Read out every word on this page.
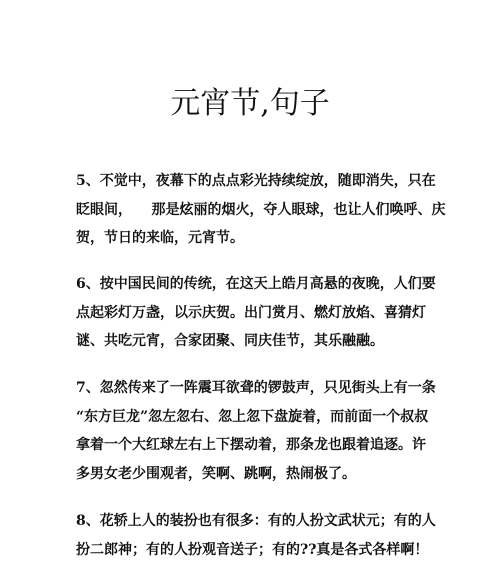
元宵节,句子

5、不觉中，夜幕下的点点彩光持续绽放，随即消失，只在
眨眼间，    那是炫丽的烟火，夺人眼球，也让人们唤呼、庆
贺，节日的来临，元宵节。

6、按中国民间的传统，在这天上皓月高悬的夜晚，人们要
点起彩灯万盏，以示庆贺。出门赏月、燃灯放焰、喜猜灯
谜、共吃元宵，合家团聚、同庆佳节，其乐融融。

7、忽然传来了一阵震耳欲聋的锣鼓声，只见街头上有一条
“东方巨龙”忽左忽右、忽上忽下盘旋着，而前面一个叔叔
拿着一个大红球左右上下摆动着，那条龙也跟着追逐。许
多男女老少围观者，笑啊、跳啊，热闹极了。

8、花轿上人的装扮也有很多：有的人扮文武状元；有的人
扮二郎神；有的人扮观音送子；有的??真是各式各样啊！
